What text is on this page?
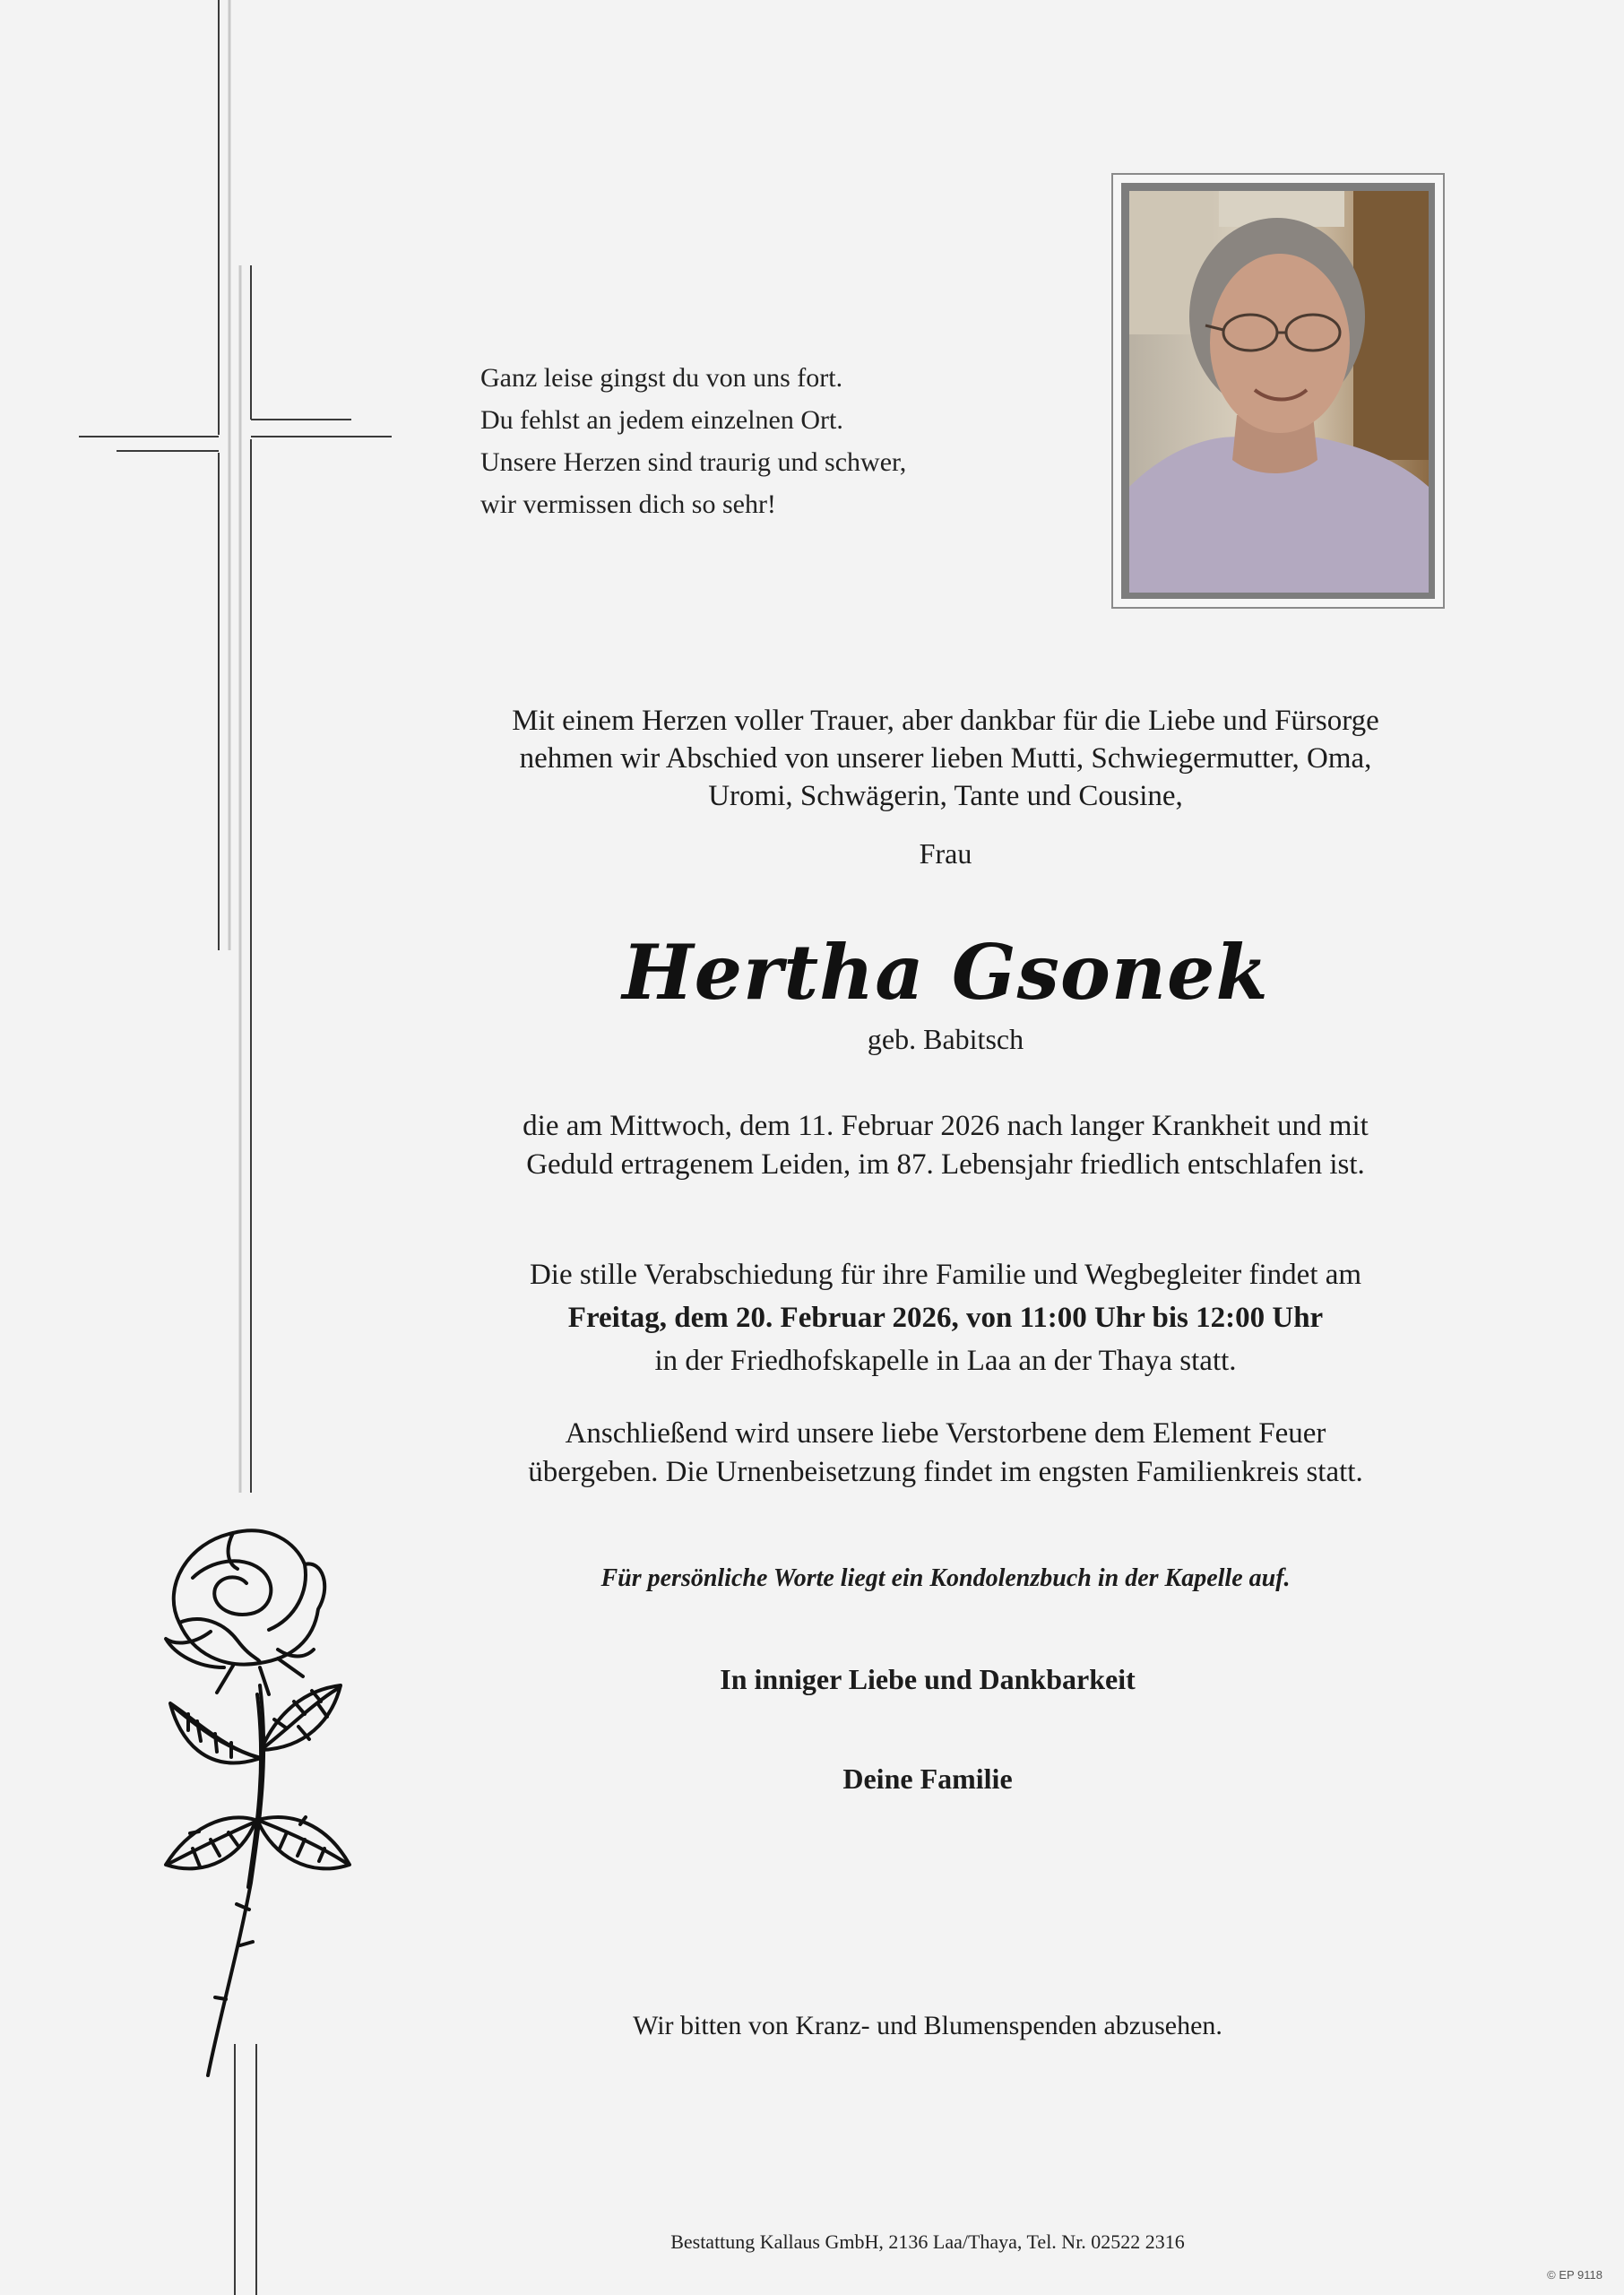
Ganz leise gingst du von uns fort.
Du fehlst an jedem einzelnen Ort.
Unsere Herzen sind traurig und schwer,
wir vermissen dich so sehr!
Mit einem Herzen voller Trauer, aber dankbar für die Liebe und Fürsorge
nehmen wir Abschied von unserer lieben Mutti, Schwiegermutter, Oma,
Uromi, Schwägerin, Tante und Cousine,
Frau
Hertha Gsonek
geb. Babitsch
die am Mittwoch, dem 11. Februar 2026 nach langer Krankheit und mit
Geduld ertragenem Leiden, im 87. Lebensjahr friedlich entschlafen ist.
Die stille Verabschiedung für ihre Familie und Wegbegleiter findet am
Freitag, dem 20. Februar 2026, von 11:00 Uhr bis 12:00 Uhr
in der Friedhofskapelle in Laa an der Thaya statt.
Anschließend wird unsere liebe Verstorbene dem Element Feuer
übergeben. Die Urnenbeisetzung findet im engsten Familienkreis statt.
Für persönliche Worte liegt ein Kondolenzbuch in der Kapelle auf.
In inniger Liebe und Dankbarkeit
Deine Familie
Wir bitten von Kranz- und Blumenspenden abzusehen.
Bestattung Kallaus GmbH, 2136 Laa/Thaya, Tel. Nr. 02522 2316
© EP 9118
